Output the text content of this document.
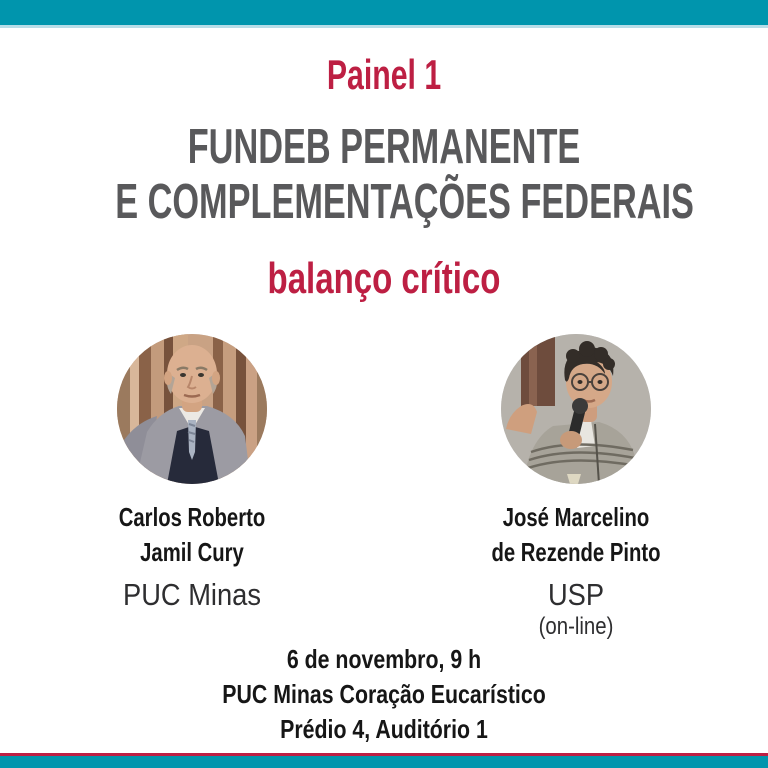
Painel 1
FUNDEB PERMANENTE
E COMPLEMENTAÇÕES FEDERAIS
balanço crítico
Carlos Roberto
Jamil Cury
PUC Minas
José Marcelino
de Rezende Pinto
USP
(on-line)
6 de novembro, 9 h
PUC Minas Coração Eucarístico
Prédio 4, Auditório 1
